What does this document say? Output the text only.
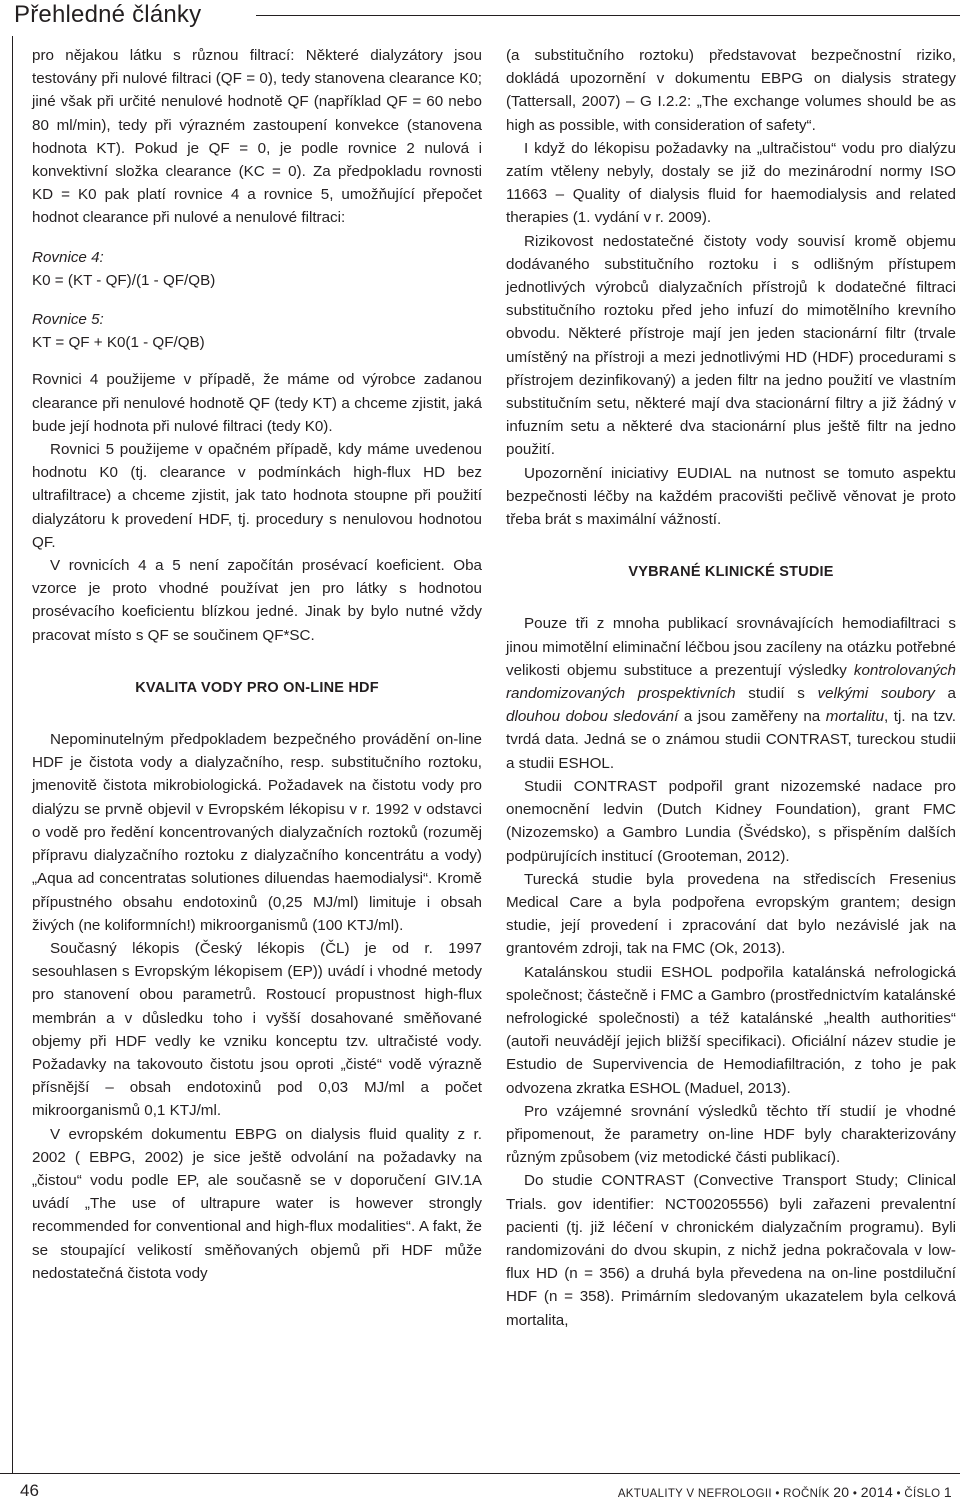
Přehledné články

pro nějakou látku s různou filtrací: Některé dialyzátory jsou testovány při nulové filtraci (QF = 0), tedy stanovena clearance K0; jiné však při určité nenulové hodnotě QF (například QF = 60 nebo 80 ml/min), tedy při výrazném zastoupení konvekce (stanovena hodnota KT). Pokud je QF = 0, je podle rovnice 2 nulová i konvektivní složka clearance (KC = 0). Za předpokladu rovnosti KD = K0 pak platí rovnice 4 a rovnice 5, umožňující přepočet hodnot clearance při nulové a nenulové filtraci:

Rovnice 4:

K0 = (KT - QF)/(1 - QF/QB)

Rovnice 5:

KT = QF + K0(1 - QF/QB)

Rovnici 4 použijeme v případě, že máme od výrobce zadanou clearance při nenulové hodnotě QF (tedy KT) a chceme zjistit, jaká bude její hodnota při nulové filtraci (tedy K0).

Rovnici 5 použijeme v opačném případě, kdy máme uvedenou hodnotu K0 (tj. clearance v podmínkách high-flux HD bez ultrafiltrace) a chceme zjistit, jak tato hodnota stoupne při použití dialyzátoru k provedení HDF, tj. procedury s nenulovou hodnotou QF.

V rovnicích 4 a 5 není započítán prosévací koeficient. Oba vzorce je proto vhodné používat jen pro látky s hodnotou prosévacího koeficientu blízkou jedné. Jinak by bylo nutné vždy pracovat místo s QF se součinem QF*SC.

KVALITA VODY PRO ON-LINE HDF

Nepominutelným předpokladem bezpečného provádění on-line HDF je čistota vody a dialyzačního, resp. substitučního roztoku, jmenovitě čistota mikrobiologická. Požadavek na čistotu vody pro dialýzu se prvně objevil v Evropském lékopisu v r. 1992 v odstavci o vodě pro ředění koncentrovaných dialyzačních roztoků (rozuměj přípravu dialyzačního roztoku z dialyzačního koncentrátu a vody) „Aqua ad concentratas solutiones diluendas haemodialysi“. Kromě přípustného obsahu endotoxinů (0,25 MJ/ml) limituje i obsah živých (ne koliformních!) mikroorganismů (100 KTJ/ml).

Současný lékopis (Český lékopis (ČL) je od r. 1997 sesouhlasen s Evropským lékopisem (EP)) uvádí i vhodné metody pro stanovení obou parametrů. Rostoucí propustnost high-flux membrán a v důsledku toho i vyšší dosahované směňované objemy při HDF vedly ke vzniku konceptu tzv. ultračisté vody. Požadavky na takovouto čistotu jsou oproti „čisté“ vodě výrazně přísnější – obsah endotoxinů pod 0,03 MJ/ml a počet mikroorganismů 0,1 KTJ/ml.

V evropském dokumentu EBPG on dialysis fluid quality z r. 2002 ( EBPG, 2002) je sice ještě odvolání na požadavky na „čistou“ vodu podle EP, ale současně se v doporučení GIV.1A uvádí „The use of ultrapure water is however strongly recommended for conventional and high-flux modalities“. A fakt, že se stoupající velikostí směňovaných objemů při HDF může nedostatečná čistota vody

(a substitučního roztoku) představovat bezpečnostní riziko, dokládá upozornění v dokumentu EBPG on dialysis strategy (Tattersall, 2007) – G I.2.2: „The exchange volumes should be as high as possible, with consideration of safety“.

I když do lékopisu požadavky na „ultračistou“ vodu pro dialýzu zatím vtěleny nebyly, dostaly se již do mezinárodní normy ISO 11663 – Quality of dialysis fluid for haemodialysis and related therapies (1. vydání v r. 2009).

Rizikovost nedostatečné čistoty vody souvisí kromě objemu dodávaného substitučního roztoku i s odlišným přístupem jednotlivých výrobců dialyzačních přístrojů k dodatečné filtraci substitučního roztoku před jeho infuzí do mimotělního krevního obvodu. Některé přístroje mají jen jeden stacionární filtr (trvale umístěný na přístroji a mezi jednotlivými HD (HDF) procedurami s přístrojem dezinfikovaný) a jeden filtr na jedno použití ve vlastním substitučním setu, některé mají dva stacionární filtry a již žádný v infuzním setu a některé dva stacionární plus ještě filtr na jedno použití.

Upozornění iniciativy EUDIAL na nutnost se tomuto aspektu bezpečnosti léčby na každém pracovišti pečlivě věnovat je proto třeba brát s maximální vážností.

VYBRANÉ KLINICKÉ STUDIE

Pouze tři z mnoha publikací srovnávajících hemodiafiltraci s jinou mimotělní eliminační léčbou jsou zacíleny na otázku potřebné velikosti objemu substituce a prezentují výsledky kontrolovaných randomizovaných prospektivních studií s velkými soubory a dlouhou dobou sledování a jsou zaměřeny na mortalitu, tj. na tzv. tvrdá data. Jedná se o známou studii CONTRAST, tureckou studii a studii ESHOL.

Studii CONTRAST podpořil grant nizozemské nadace pro onemocnění ledvin (Dutch Kidney Foundation), grant FMC (Nizozemsko) a Gambro Lundia (Švédsko), s přispěním dalších podpürujících institucí (Grooteman, 2012).

Turecká studie byla provedena na střediscích Fresenius Medical Care a byla podpořena evropským grantem; design studie, její provedení i zpracování dat bylo nezávislé jak na grantovém zdroji, tak na FMC (Ok, 2013).

Katalánskou studii ESHOL podpořila katalánská nefrologická společnost; částečně i FMC a Gambro (prostřednictvím katalánské nefrologické společnosti) a též katalánské „health authorities“ (autoři neuvádějí jejich bližší specifikaci). Oficiální název studie je Estudio de Supervivencia de Hemodiafiltración, z toho je pak odvozena zkratka ESHOL (Maduel, 2013).

Pro vzájemné srovnání výsledků těchto tří studií je vhodné připomenout, že parametry on-line HDF byly charakterizovány různým způsobem (viz metodické části publikací).

Do studie CONTRAST (Convective Transport Study; Clinical Trials. gov identifier: NCT00205556) byli zařazeni prevalentní pacienti (tj. již léčení v chronickém dialyzačním programu). Byli randomizováni do dvou skupin, z nichž jedna pokračovala v low-flux HD (n = 356) a druhá byla převedena na on-line postdiluční HDF (n = 358). Primárním sledovaným ukazatelem byla celková mortalita,

46	AKTUALITY V NEFROLOGII • ROČNÍK 20 • 2014 • ČÍSLO 1
